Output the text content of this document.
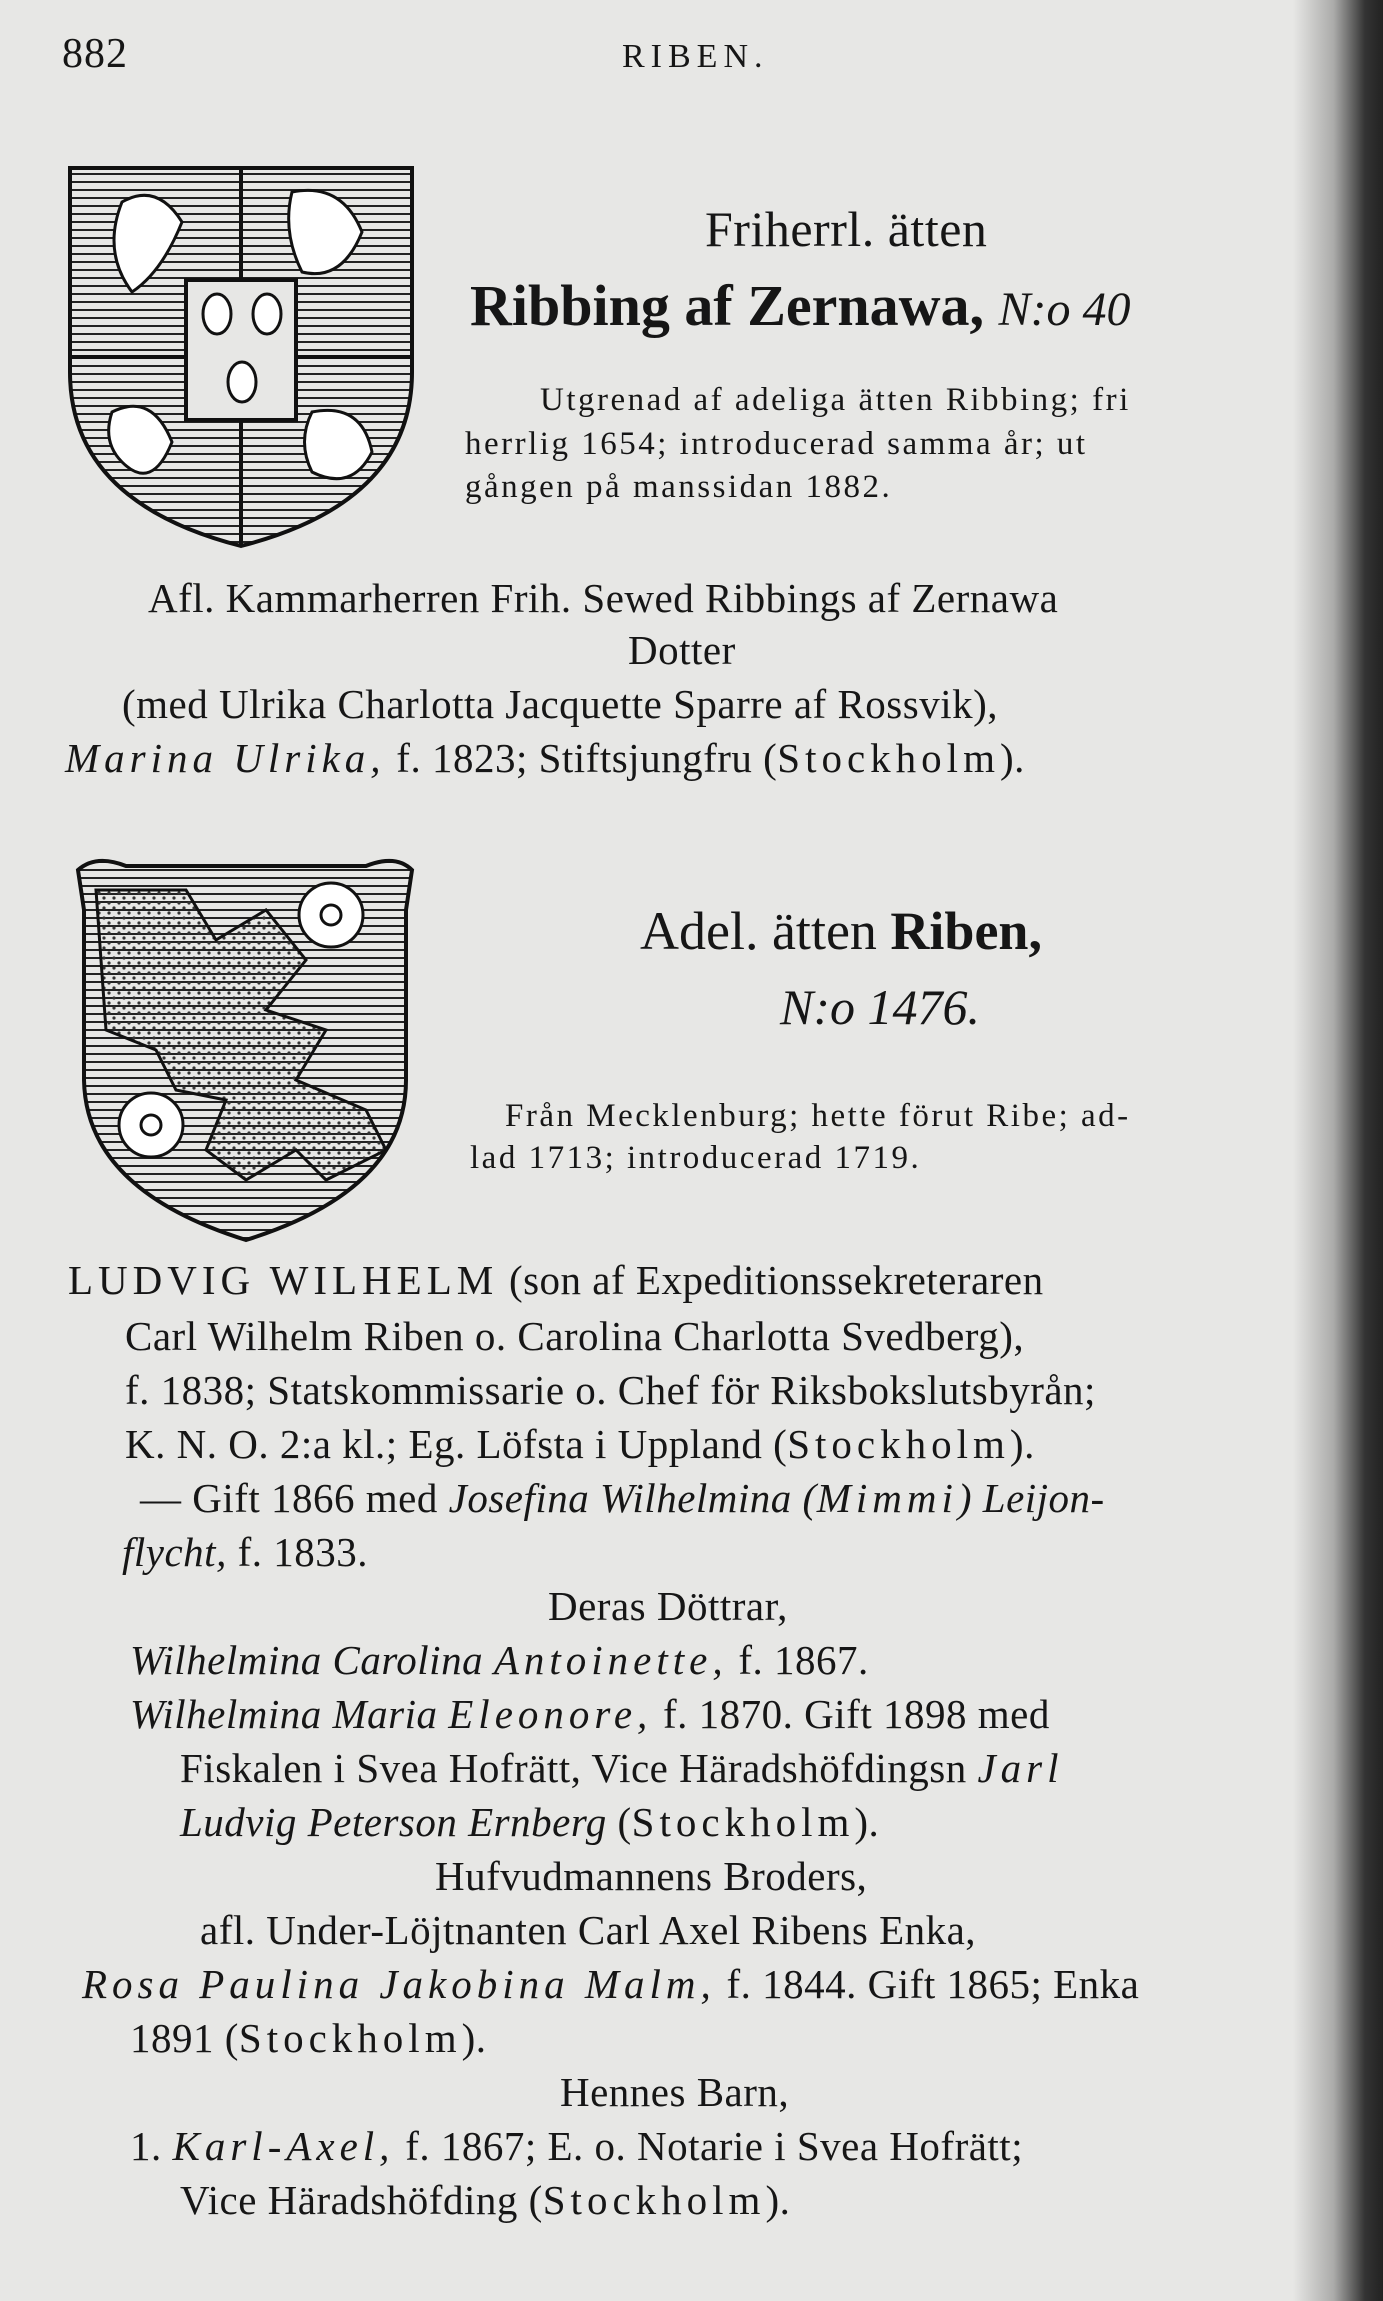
882	RIBEN.
Friherrl. ätten
Ribbing af Zernawa, N:o 40
Utgrenad af adeliga ätten Ribbing; fri
herrlig 1654; introducerad samma år; ut
gången på manssidan 1882.
Afl. Kammarherren Frih. Sewed Ribbings af Zernawa
Dotter
(med Ulrika Charlotta Jacquette Sparre af Rossvik),
Marina Ulrika, f. 1823; Stiftsjungfru (Stockholm).
Adel. ätten Riben,
N:o 1476.
Från Mecklenburg; hette förut Ribe; ad-
lad 1713; introducerad 1719.
LUDVIG WILHELM (son af Expeditionssekreteraren
Carl Wilhelm Riben o. Carolina Charlotta Svedberg),
f. 1838; Statskommissarie o. Chef för Riksbokslutsbyrån;
K. N. O. 2:a kl.; Eg. Löfsta i Uppland (Stockholm).
— Gift 1866 med Josefina Wilhelmina (Mimmi) Leijon-
flycht, f. 1833.
Deras Döttrar,
Wilhelmina Carolina Antoinette, f. 1867.
Wilhelmina Maria Eleonore, f. 1870. Gift 1898 med
Fiskalen i Svea Hofrätt, Vice Häradshöfdingsn Jarl
Ludvig Peterson Ernberg (Stockholm).
Hufvudmannens Broders,
afl. Under-Löjtnanten Carl Axel Ribens Enka,
Rosa Paulina Jakobina Malm, f. 1844. Gift 1865; Enka
1891 (Stockholm).
Hennes Barn,
1. Karl-Axel, f. 1867; E. o. Notarie i Svea Hofrätt;
Vice Häradshöfding (Stockholm).
